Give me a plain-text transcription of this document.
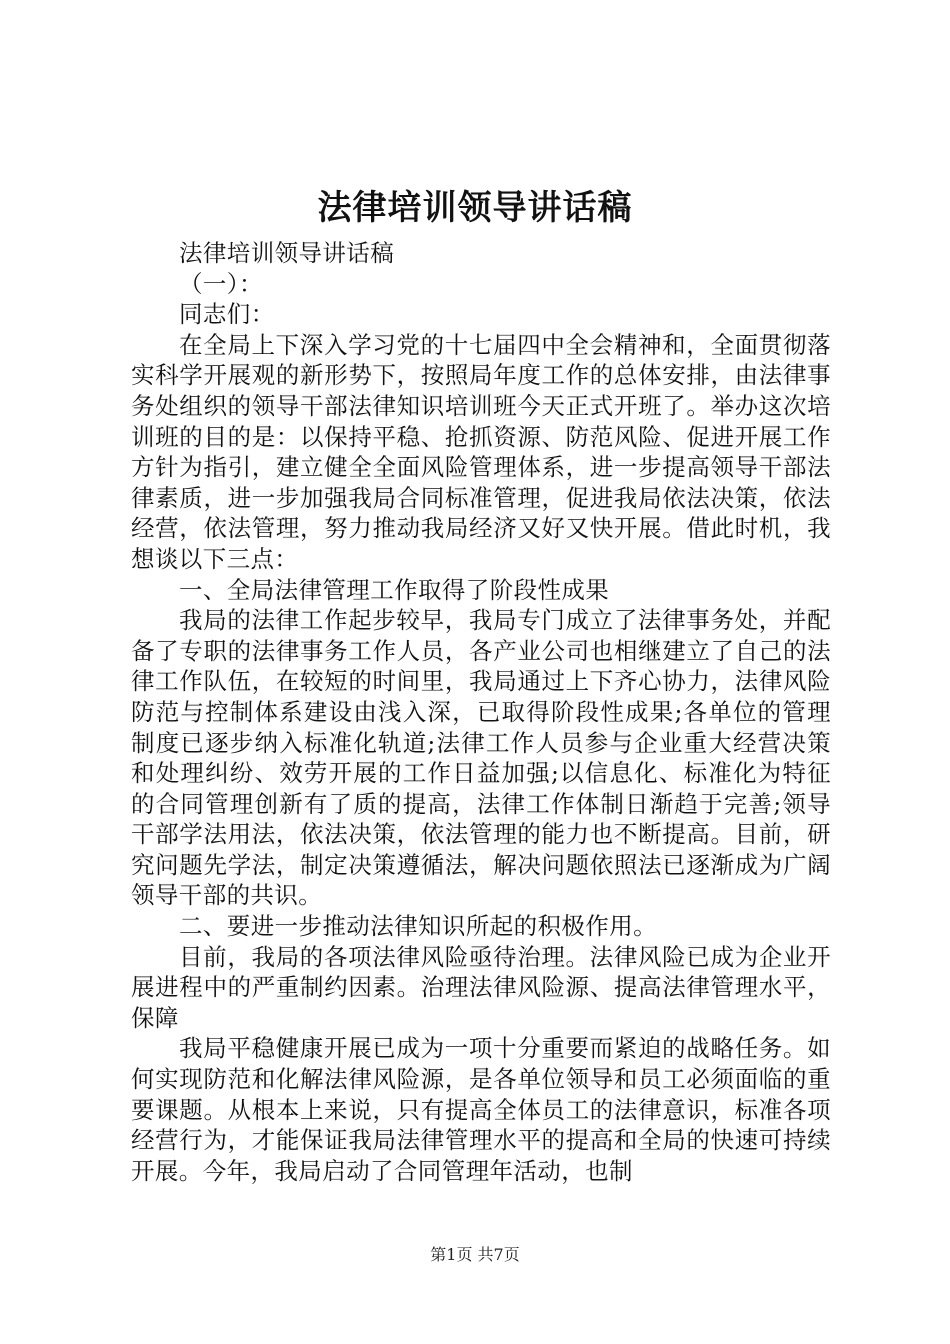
法律培训领导讲话稿

法律培训领导讲话稿

（一）：

同志们：

在全局上下深入学习党的十七届四中全会精神和，全面贯彻落实科学开展观的新形势下，按照局年度工作的总体安排，由法律事务处组织的领导干部法律知识培训班今天正式开班了。举办这次培训班的目的是：以保持平稳、抢抓资源、防范风险、促进开展工作方针为指引，建立健全全面风险管理体系，进一步提高领导干部法律素质，进一步加强我局合同标准管理，促进我局依法决策，依法经营，依法管理，努力推动我局经济又好又快开展。借此时机，我想谈以下三点：

一、全局法律管理工作取得了阶段性成果

我局的法律工作起步较早，我局专门成立了法律事务处，并配备了专职的法律事务工作人员，各产业公司也相继建立了自己的法律工作队伍，在较短的时间里，我局通过上下齐心协力，法律风险防范与控制体系建设由浅入深，已取得阶段性成果;各单位的管理制度已逐步纳入标准化轨道;法律工作人员参与企业重大经营决策和处理纠纷、效劳开展的工作日益加强;以信息化、标准化为特征的合同管理创新有了质的提高，法律工作体制日渐趋于完善;领导干部学法用法，依法决策，依法管理的能力也不断提高。目前，研究问题先学法，制定决策遵循法，解决问题依照法已逐渐成为广阔领导干部的共识。

二、要进一步推动法律知识所起的积极作用。

目前，我局的各项法律风险亟待治理。法律风险已成为企业开展进程中的严重制约因素。治理法律风险源、提高法律管理水平，保障

我局平稳健康开展已成为一项十分重要而紧迫的战略任务。如何实现防范和化解法律风险源，是各单位领导和员工必须面临的重要课题。从根本上来说，只有提高全体员工的法律意识，标准各项经营行为，才能保证我局法律管理水平的提高和全局的快速可持续开展。今年，我局启动了合同管理年活动，也制

第1页 共7页
